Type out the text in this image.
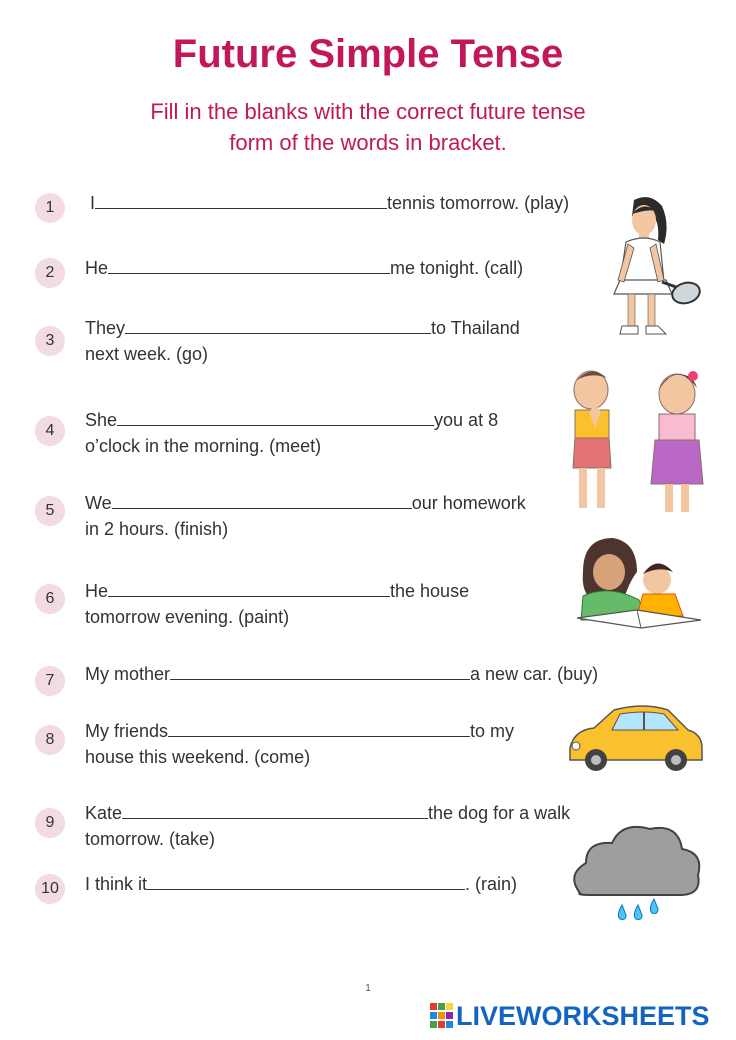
Future Simple Tense
Fill in the blanks with the correct future tense
form of the words in bracket.
1	I	tennis tomorrow. (play)
2	He	me tonight. (call)
3
They	to Thailand
next week. (go)
4
She	you at 8
o’clock in the morning. (meet)
5	We	our homework
in 2 hours. (finish)
6	He	the house
tomorrow evening. (paint)
7	My mother	a new car. (buy)
8	My friends	to my
house this weekend. (come)
9	Kate	the dog for a walk
tomorrow. (take)
10	I think it	. (rain)
1
LIVEWORKSHEETS
